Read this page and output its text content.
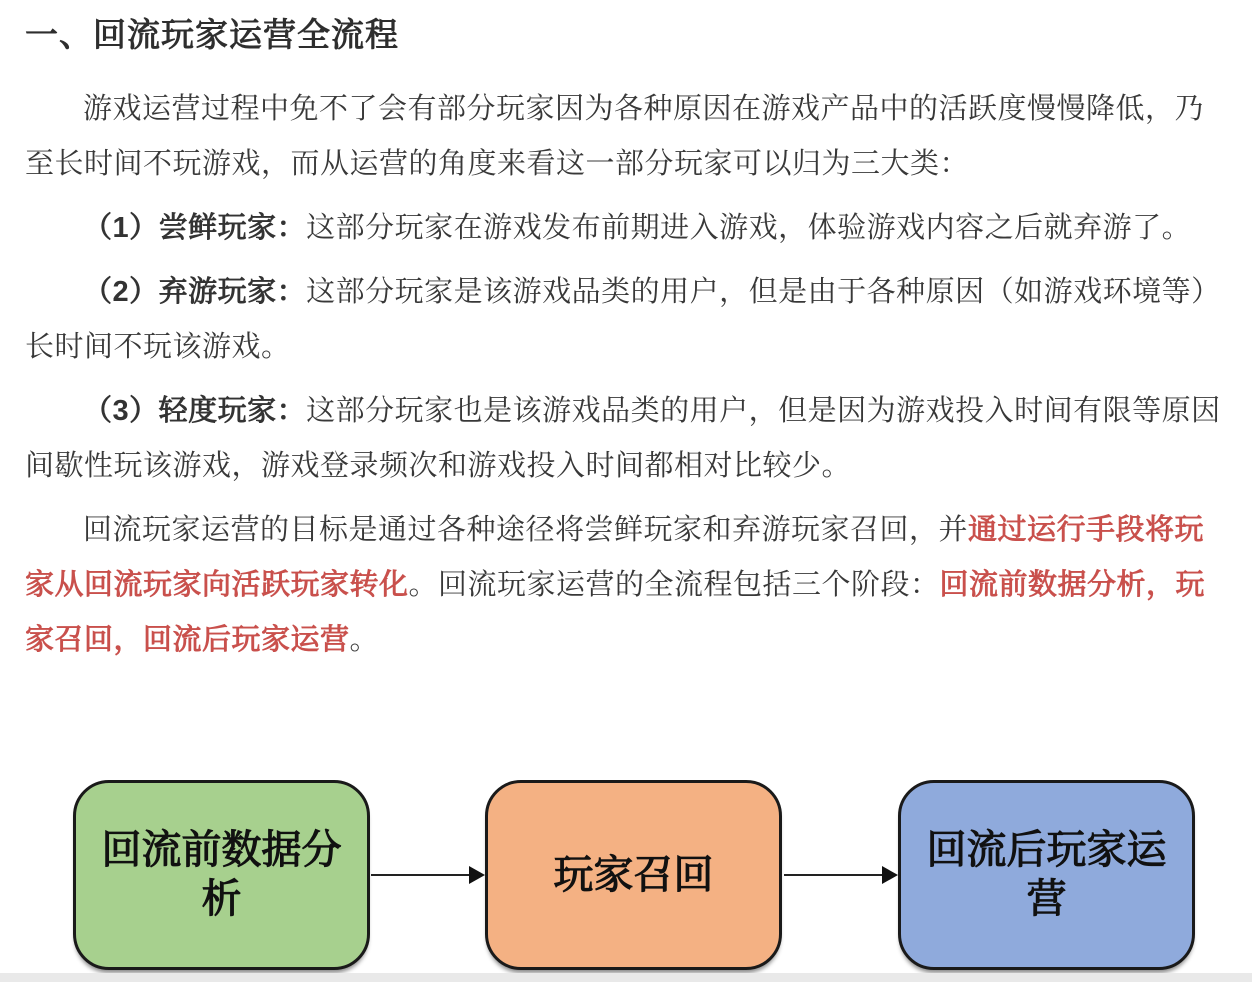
一、回流玩家运营全流程

游戏运营过程中免不了会有部分玩家因为各种原因在游戏产品中的活跃度慢慢降低，乃至长时间不玩游戏，而从运营的角度来看这一部分玩家可以归为三大类：

（1）尝鲜玩家：这部分玩家在游戏发布前期进入游戏，体验游戏内容之后就弃游了。

（2）弃游玩家：这部分玩家是该游戏品类的用户，但是由于各种原因（如游戏环境等）长时间不玩该游戏。

（3）轻度玩家：这部分玩家也是该游戏品类的用户，但是因为游戏投入时间有限等原因间歇性玩该游戏，游戏登录频次和游戏投入时间都相对比较少。

回流玩家运营的目标是通过各种途径将尝鲜玩家和弃游玩家召回，并通过运行手段将玩家从回流玩家向活跃玩家转化。回流玩家运营的全流程包括三个阶段：回流前数据分析，玩家召回，回流后玩家运营。

回流前数据分析
玩家召回
回流后玩家运营
